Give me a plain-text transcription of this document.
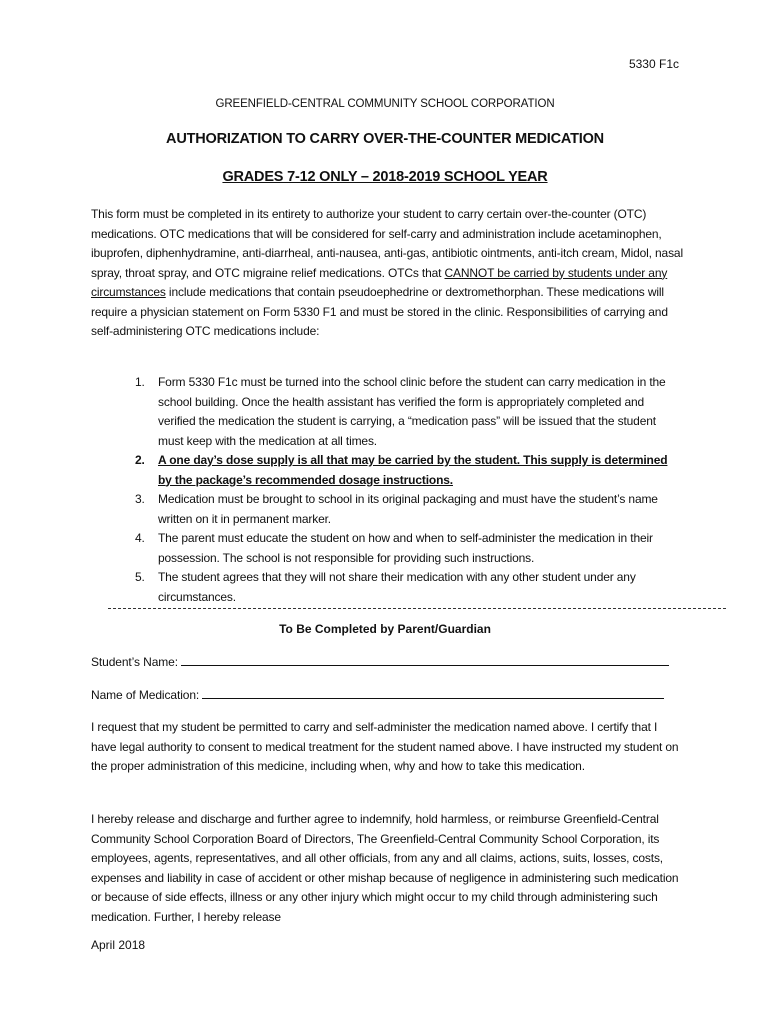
5330 F1c
GREENFIELD-CENTRAL COMMUNITY SCHOOL CORPORATION
AUTHORIZATION TO CARRY OVER-THE-COUNTER MEDICATION
GRADES 7-12 ONLY – 2018-2019 SCHOOL YEAR
This form must be completed in its entirety to authorize your student to carry certain over-the-counter (OTC) medications. OTC medications that will be considered for self-carry and administration include acetaminophen, ibuprofen, diphenhydramine, anti-diarrheal, anti-nausea, anti-gas, antibiotic ointments, anti-itch cream, Midol, nasal spray, throat spray, and OTC migraine relief medications. OTCs that CANNOT be carried by students under any circumstances include medications that contain pseudoephedrine or dextromethorphan. These medications will require a physician statement on Form 5330 F1 and must be stored in the clinic. Responsibilities of carrying and self-administering OTC medications include:
1. Form 5330 F1c must be turned into the school clinic before the student can carry medication in the school building. Once the health assistant has verified the form is appropriately completed and verified the medication the student is carrying, a “medication pass” will be issued that the student must keep with the medication at all times.
2. A one day’s dose supply is all that may be carried by the student. This supply is determined by the package’s recommended dosage instructions.
3. Medication must be brought to school in its original packaging and must have the student’s name written on it in permanent marker.
4. The parent must educate the student on how and when to self-administer the medication in their possession. The school is not responsible for providing such instructions.
5. The student agrees that they will not share their medication with any other student under any circumstances.
To Be Completed by Parent/Guardian
Student’s Name:
Name of Medication:
I request that my student be permitted to carry and self-administer the medication named above. I certify that I have legal authority to consent to medical treatment for the student named above. I have instructed my student on the proper administration of this medicine, including when, why and how to take this medication.
I hereby release and discharge and further agree to indemnify, hold harmless, or reimburse Greenfield-Central Community School Corporation Board of Directors, The Greenfield-Central Community School Corporation, its employees, agents, representatives, and all other officials, from any and all claims, actions, suits, losses, costs, expenses and liability in case of accident or other mishap because of negligence in administering such medication or because of side effects, illness or any other injury which might occur to my child through administering such medication. Further, I hereby release
April 2018
